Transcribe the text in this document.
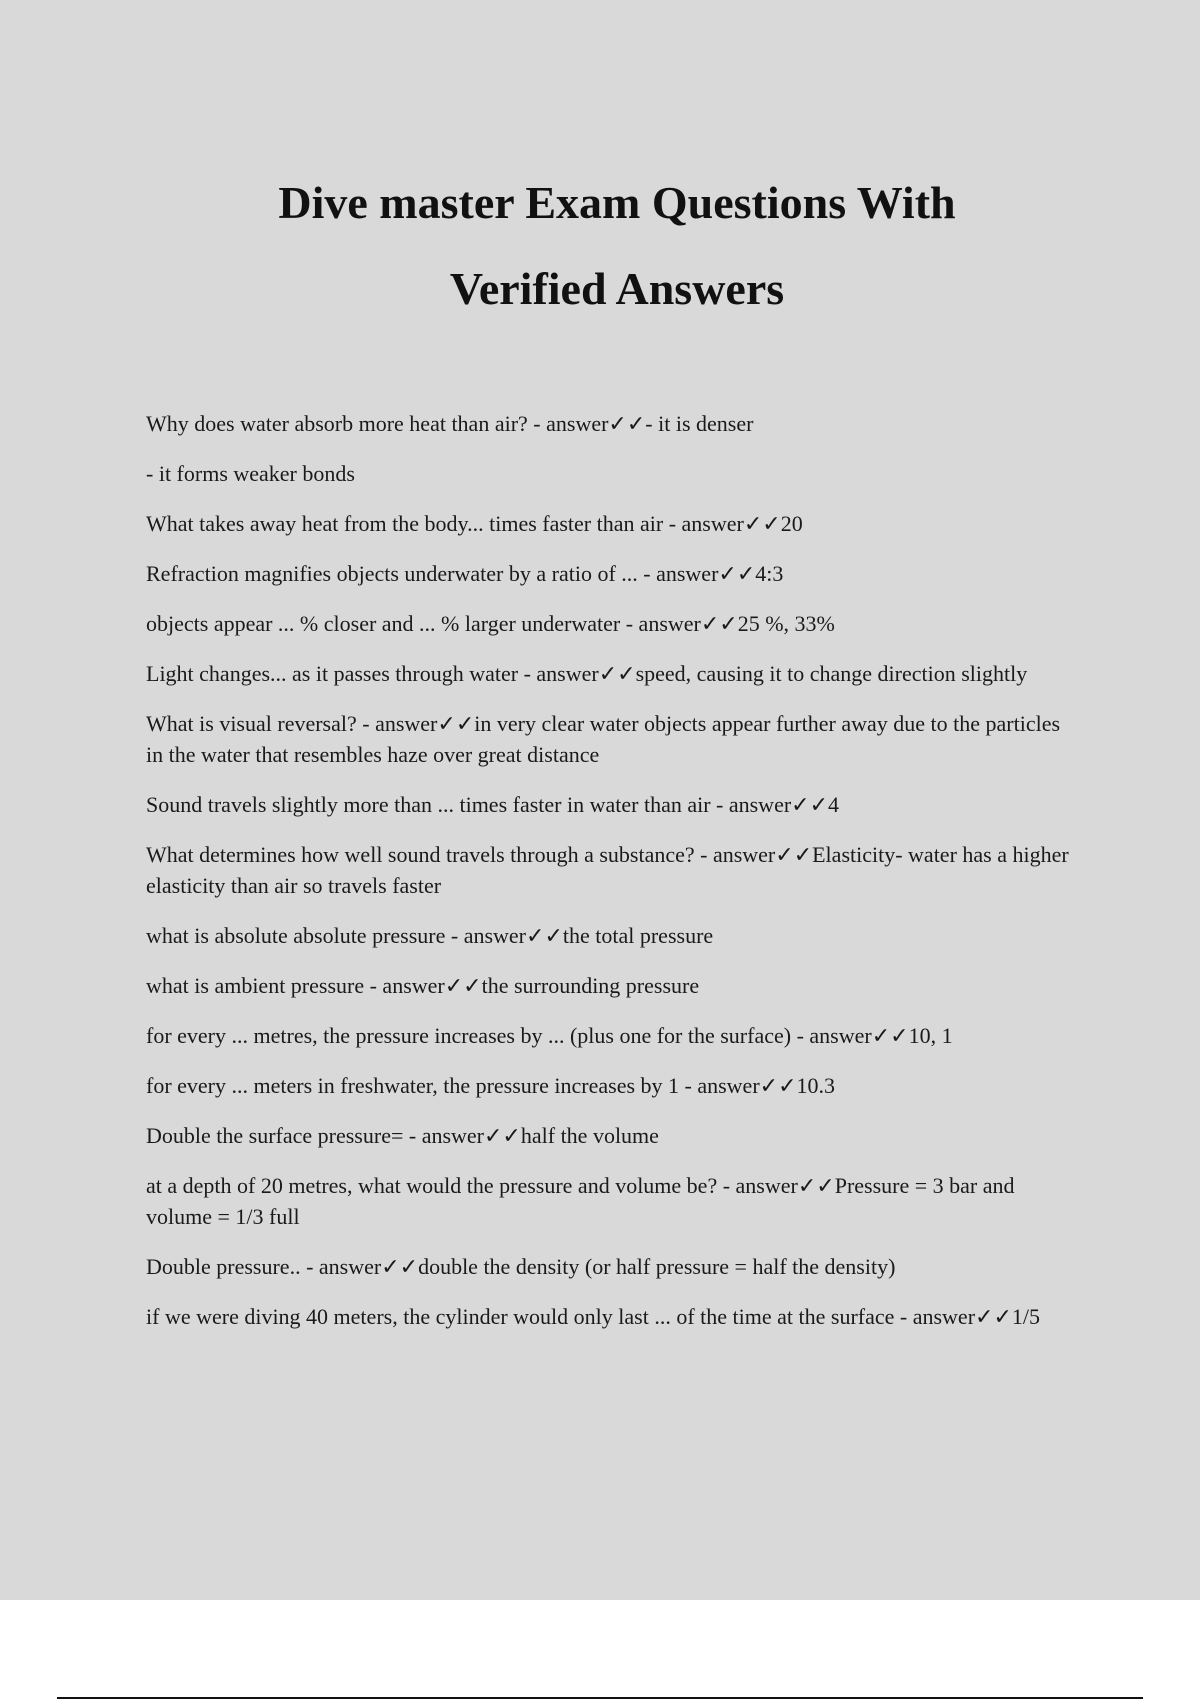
Dive master Exam Questions With
Verified Answers
Why does water absorb more heat than air? - answer✓✓- it is denser
- it forms weaker bonds
What takes away heat from the body... times faster than air - answer✓✓20
Refraction magnifies objects underwater by a ratio of ... - answer✓✓4:3
objects appear ... % closer and ... % larger underwater - answer✓✓25 %, 33%
Light changes... as it passes through water - answer✓✓speed, causing it to change direction slightly
What is visual reversal? - answer✓✓in very clear water objects appear further away due to the particles in the water that resembles haze over great distance
Sound travels slightly more than ... times faster in water than air - answer✓✓4
What determines how well sound travels through a substance? - answer✓✓Elasticity- water has a higher elasticity than air so travels faster
what is absolute absolute pressure - answer✓✓the total pressure
what is ambient pressure - answer✓✓the surrounding pressure
for every ... metres, the pressure increases by ... (plus one for the surface) - answer✓✓10, 1
for every ... meters in freshwater, the pressure increases by 1 - answer✓✓10.3
Double the surface pressure= - answer✓✓half the volume
at a depth of 20 metres, what would the pressure and volume be? - answer✓✓Pressure = 3 bar and volume = 1/3 full
Double pressure.. - answer✓✓double the density (or half pressure = half the density)
if we were diving 40 meters, the cylinder would only last ... of the time at the surface - answer✓✓1/5
